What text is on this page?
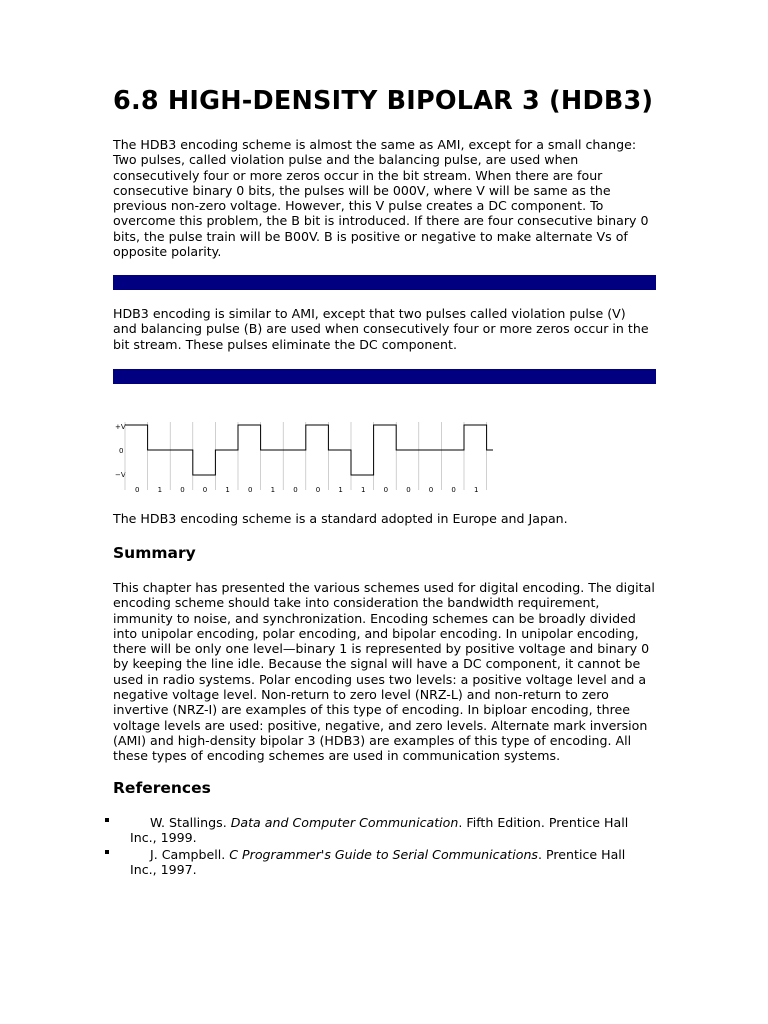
6.8 HIGH-DENSITY BIPOLAR 3 (HDB3)

The HDB3 encoding scheme is almost the same as AMI, except for a small change:
Two pulses, called violation pulse and the balancing pulse, are used when
consecutively four or more zeros occur in the bit stream. When there are four
consecutive binary 0 bits, the pulses will be 000V, where V will be same as the
previous non-zero voltage. However, this V pulse creates a DC component. To
overcome this problem, the B bit is introduced. If there are four consecutive binary 0
bits, the pulse train will be B00V. B is positive or negative to make alternate Vs of
opposite polarity.

HDB3 encoding is similar to AMI, except that two pulses called violation pulse (V)
and balancing pulse (B) are used when consecutively four or more zeros occur in the
bit stream. These pulses eliminate the DC component.

+V
0
−V
0	1	0	0	1	0	1	0	0	1	1	0	0	0	0	1

The HDB3 encoding scheme is a standard adopted in Europe and Japan.

Summary

This chapter has presented the various schemes used for digital encoding. The digital
encoding scheme should take into consideration the bandwidth requirement,
immunity to noise, and synchronization. Encoding schemes can be broadly divided
into unipolar encoding, polar encoding, and bipolar encoding. In unipolar encoding,
there will be only one level—binary 1 is represented by positive voltage and binary 0
by keeping the line idle. Because the signal will have a DC component, it cannot be
used in radio systems. Polar encoding uses two levels: a positive voltage level and a
negative voltage level. Non-return to zero level (NRZ-L) and non-return to zero
invertive (NRZ-I) are examples of this type of encoding. In biploar encoding, three
voltage levels are used: positive, negative, and zero levels. Alternate mark inversion
(AMI) and high-density bipolar 3 (HDB3) are examples of this type of encoding. All
these types of encoding schemes are used in communication systems.

References
W. Stallings. Data and Computer Communication. Fifth Edition. Prentice Hall
Inc., 1999.
J. Campbell. C Programmer's Guide to Serial Communications. Prentice Hall
Inc., 1997.
